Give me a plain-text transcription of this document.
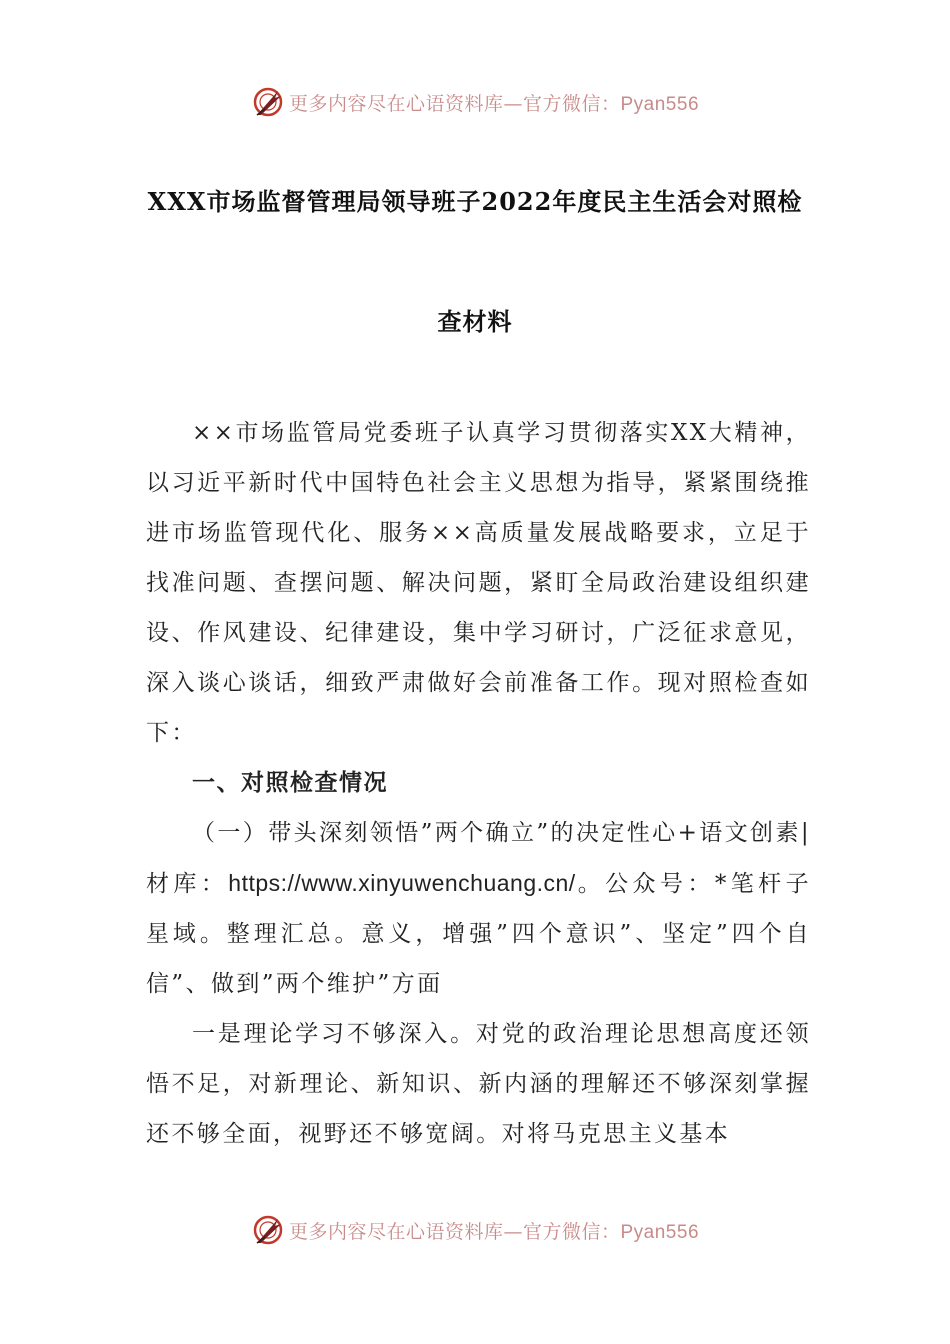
更多内容尽在心语资料库—官方微信：Pyan556
XXX市场监督管理局领导班子2022年度民主生活会对照检
查材料

××市场监管局党委班子认真学习贯彻落实XX大精神，以习近平新时代中国特色社会主义思想为指导，紧紧围绕推进市场监管现代化、服务××高质量发展战略要求，立足于找准问题、查摆问题、解决问题，紧盯全局政治建设组织建设、作风建设、纪律建设，集中学习研讨，广泛征求意见，深入谈心谈话，细致严肃做好会前准备工作。现对照检查如下：

一、对照检查情况

（一）带头深刻领悟”两个确立”的决定性心+语文创素|材库：https://www.xinyuwenchuang.cn/。公众号：*笔杆子星域。整理汇总。意义，增强”四个意识”、坚定”四个自信”、做到”两个维护”方面

一是理论学习不够深入。对党的政治理论思想高度还领悟不足，对新理论、新知识、新内涵的理解还不够深刻掌握还不够全面，视野还不够宽阔。对将马克思主义基本

更多内容尽在心语资料库—官方微信：Pyan556
